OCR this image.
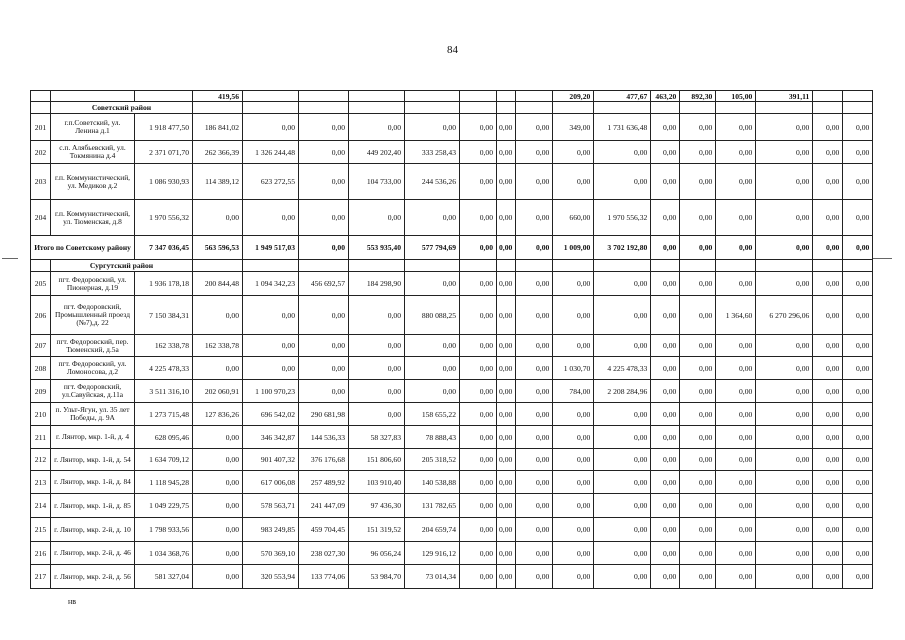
84
			419,56								209,20	477,67	463,20	892,30	105,00	391,11		
	Советский район																	
201	г.п.Советский, ул. Ленина д.1	1 918 477,50	186 841,02	0,00	0,00	0,00	0,00	0,00	0,00	0,00	349,00	1 731 636,48	0,00	0,00	0,00	0,00	0,00	0,00
202	с.п. Алябьевский, ул. Токмянина д.4	2 371 071,70	262 366,39	1 326 244,48	0,00	449 202,40	333 258,43	0,00	0,00	0,00	0,00	0,00	0,00	0,00	0,00	0,00	0,00	0,00
203	г.п. Коммунистический, ул. Медиков д.2	1 086 930,93	114 389,12	623 272,55	0,00	104 733,00	244 536,26	0,00	0,00	0,00	0,00	0,00	0,00	0,00	0,00	0,00	0,00	0,00
204	г.п. Коммунистический, ул. Тюменская, д.8	1 970 556,32	0,00	0,00	0,00	0,00	0,00	0,00	0,00	0,00	660,00	1 970 556,32	0,00	0,00	0,00	0,00	0,00	0,00
Итого по Советскому району		7 347 036,45	563 596,53	1 949 517,03	0,00	553 935,40	577 794,69	0,00	0,00	0,00	1 009,00	3 702 192,80	0,00	0,00	0,00	0,00	0,00	0,00
	Сургутский район																	
205	пгт. Федоровский, ул. Пионерная, д.19	1 936 178,18	200 844,48	1 094 342,23	456 692,57	184 298,90	0,00	0,00	0,00	0,00	0,00	0,00	0,00	0,00	0,00	0,00	0,00	0,00
206	пгт. Федоровский, Промышленный проезд (№7),д. 22	7 150 384,31	0,00	0,00	0,00	0,00	880 088,25	0,00	0,00	0,00	0,00	0,00	0,00	0,00	1 364,60	6 270 296,06	0,00	0,00
207	пгт. Федоровский, пер. Тюменский, д.5а	162 338,78	162 338,78	0,00	0,00	0,00	0,00	0,00	0,00	0,00	0,00	0,00	0,00	0,00	0,00	0,00	0,00	0,00
208	пгт. Федоровский, ул. Ломоносова, д.2	4 225 478,33	0,00	0,00	0,00	0,00	0,00	0,00	0,00	0,00	1 030,70	4 225 478,33	0,00	0,00	0,00	0,00	0,00	0,00
209	пгт. Федоровский, ул.Савуйская, д.11а	3 511 316,10	202 060,91	1 100 970,23	0,00	0,00	0,00	0,00	0,00	0,00	784,00	2 208 284,96	0,00	0,00	0,00	0,00	0,00	0,00
210	п. Ульт-Ягун, ул. 35 лет Победы, д. 9А	1 273 715,48	127 836,26	696 542,02	290 681,98	0,00	158 655,22	0,00	0,00	0,00	0,00	0,00	0,00	0,00	0,00	0,00	0,00	0,00
211	г. Лянтор, мкр. 1-й, д. 4	628 095,46	0,00	346 342,87	144 536,33	58 327,83	78 888,43	0,00	0,00	0,00	0,00	0,00	0,00	0,00	0,00	0,00	0,00	0,00
212	г. Лянтор, мкр. 1-й, д. 54	1 634 709,12	0,00	901 407,32	376 176,68	151 806,60	205 318,52	0,00	0,00	0,00	0,00	0,00	0,00	0,00	0,00	0,00	0,00	0,00
213	г. Лянтор, мкр. 1-й, д. 84	1 118 945,28	0,00	617 006,08	257 489,92	103 910,40	140 538,88	0,00	0,00	0,00	0,00	0,00	0,00	0,00	0,00	0,00	0,00	0,00
214	г. Лянтор, мкр. 1-й, д. 85	1 049 229,75	0,00	578 563,71	241 447,09	97 436,30	131 782,65	0,00	0,00	0,00	0,00	0,00	0,00	0,00	0,00	0,00	0,00	0,00
215	г. Лянтор, мкр. 2-й, д. 10	1 798 933,56	0,00	983 249,85	459 704,45	151 319,52	204 659,74	0,00	0,00	0,00	0,00	0,00	0,00	0,00	0,00	0,00	0,00	0,00
216	г. Лянтор, мкр. 2-й, д. 46	1 034 368,76	0,00	570 369,10	238 027,30	96 056,24	129 916,12	0,00	0,00	0,00	0,00	0,00	0,00	0,00	0,00	0,00	0,00	0,00
217	г. Лянтор, мкр. 2-й, д. 56	581 327,04	0,00	320 553,94	133 774,06	53 984,70	73 014,34	0,00	0,00	0,00	0,00	0,00	0,00	0,00	0,00	0,00	0,00	0,00
нв
